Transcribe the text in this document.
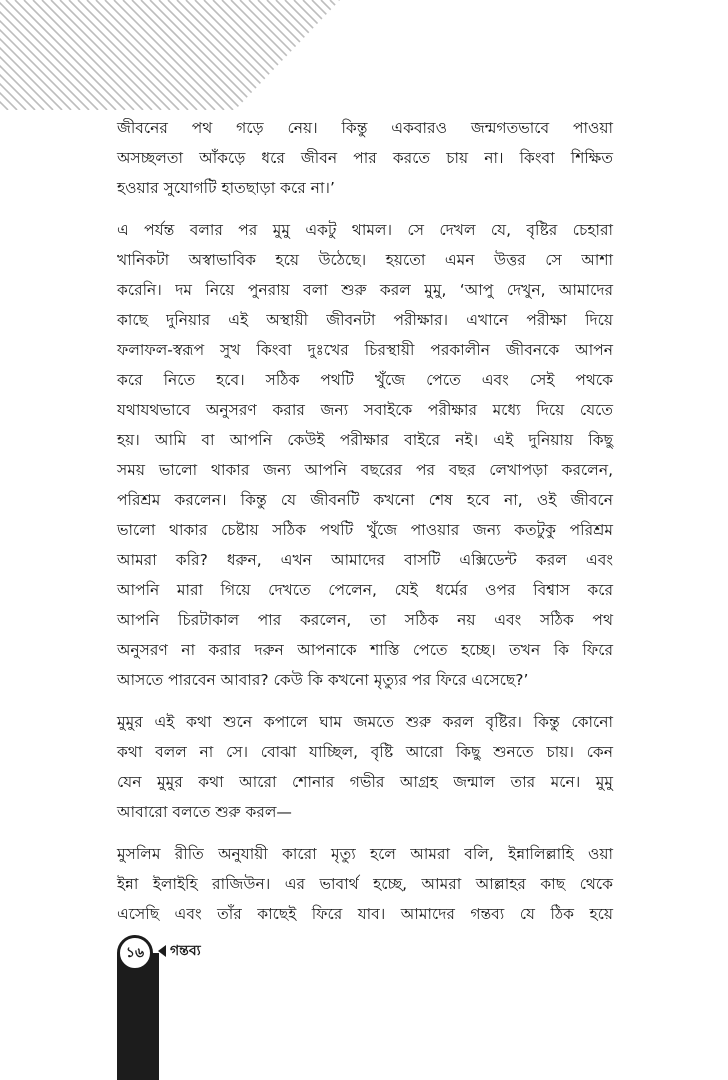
জীবনের পথ গড়ে নেয়। কিন্তু একবারও জন্মগতভাবে পাওয়া
অসচ্ছলতা আঁকড়ে ধরে জীবন পার করতে চায় না। কিংবা শিক্ষিত
হওয়ার সুযোগটি হাতছাড়া করে না।’
এ পর্যন্ত বলার পর মুমু একটু থামল। সে দেখল যে, বৃষ্টির চেহারা
খানিকটা অস্বাভাবিক হয়ে উঠেছে। হয়তো এমন উত্তর সে আশা
করেনি। দম নিয়ে পুনরায় বলা শুরু করল মুমু, ‘আপু দেখুন, আমাদের
কাছে দুনিয়ার এই অস্থায়ী জীবনটা পরীক্ষার। এখানে পরীক্ষা দিয়ে
ফলাফল-স্বরূপ সুখ কিংবা দুঃখের চিরস্থায়ী পরকালীন জীবনকে আপন
করে নিতে হবে। সঠিক পথটি খুঁজে পেতে এবং সেই পথকে
যথাযথভাবে অনুসরণ করার জন্য সবাইকে পরীক্ষার মধ্যে দিয়ে যেতে
হয়। আমি বা আপনি কেউই পরীক্ষার বাইরে নই। এই দুনিয়ায় কিছু
সময় ভালো থাকার জন্য আপনি বছরের পর বছর লেখাপড়া করলেন,
পরিশ্রম করলেন। কিন্তু যে জীবনটি কখনো শেষ হবে না, ওই জীবনে
ভালো থাকার চেষ্টায় সঠিক পথটি খুঁজে পাওয়ার জন্য কতটুকু পরিশ্রম
আমরা করি? ধরুন, এখন আমাদের বাসটি এক্সিডেন্ট করল এবং
আপনি মারা গিয়ে দেখতে পেলেন, যেই ধর্মের ওপর বিশ্বাস করে
আপনি চিরটাকাল পার করলেন, তা সঠিক নয় এবং সঠিক পথ
অনুসরণ না করার দরুন আপনাকে শাস্তি পেতে হচ্ছে। তখন কি ফিরে
আসতে পারবেন আবার? কেউ কি কখনো মৃত্যুর পর ফিরে এসেছে?’
মুমুর এই কথা শুনে কপালে ঘাম জমতে শুরু করল বৃষ্টির। কিন্তু কোনো
কথা বলল না সে। বোঝা যাচ্ছিল, বৃষ্টি আরো কিছু শুনতে চায়। কেন
যেন মুমুর কথা আরো শোনার গভীর আগ্রহ জন্মাল তার মনে। মুমু
আবারো বলতে শুরু করল—
মুসলিম রীতি অনুযায়ী কারো মৃত্যু হলে আমরা বলি, ইন্নালিল্লাহি ওয়া
ইন্না ইলাইহি রাজিউন। এর ভাবার্থ হচ্ছে, আমরা আল্লাহর কাছ থেকে
এসেছি এবং তাঁর কাছেই ফিরে যাব। আমাদের গন্তব্য যে ঠিক হয়ে
১৬	গন্তব্য
